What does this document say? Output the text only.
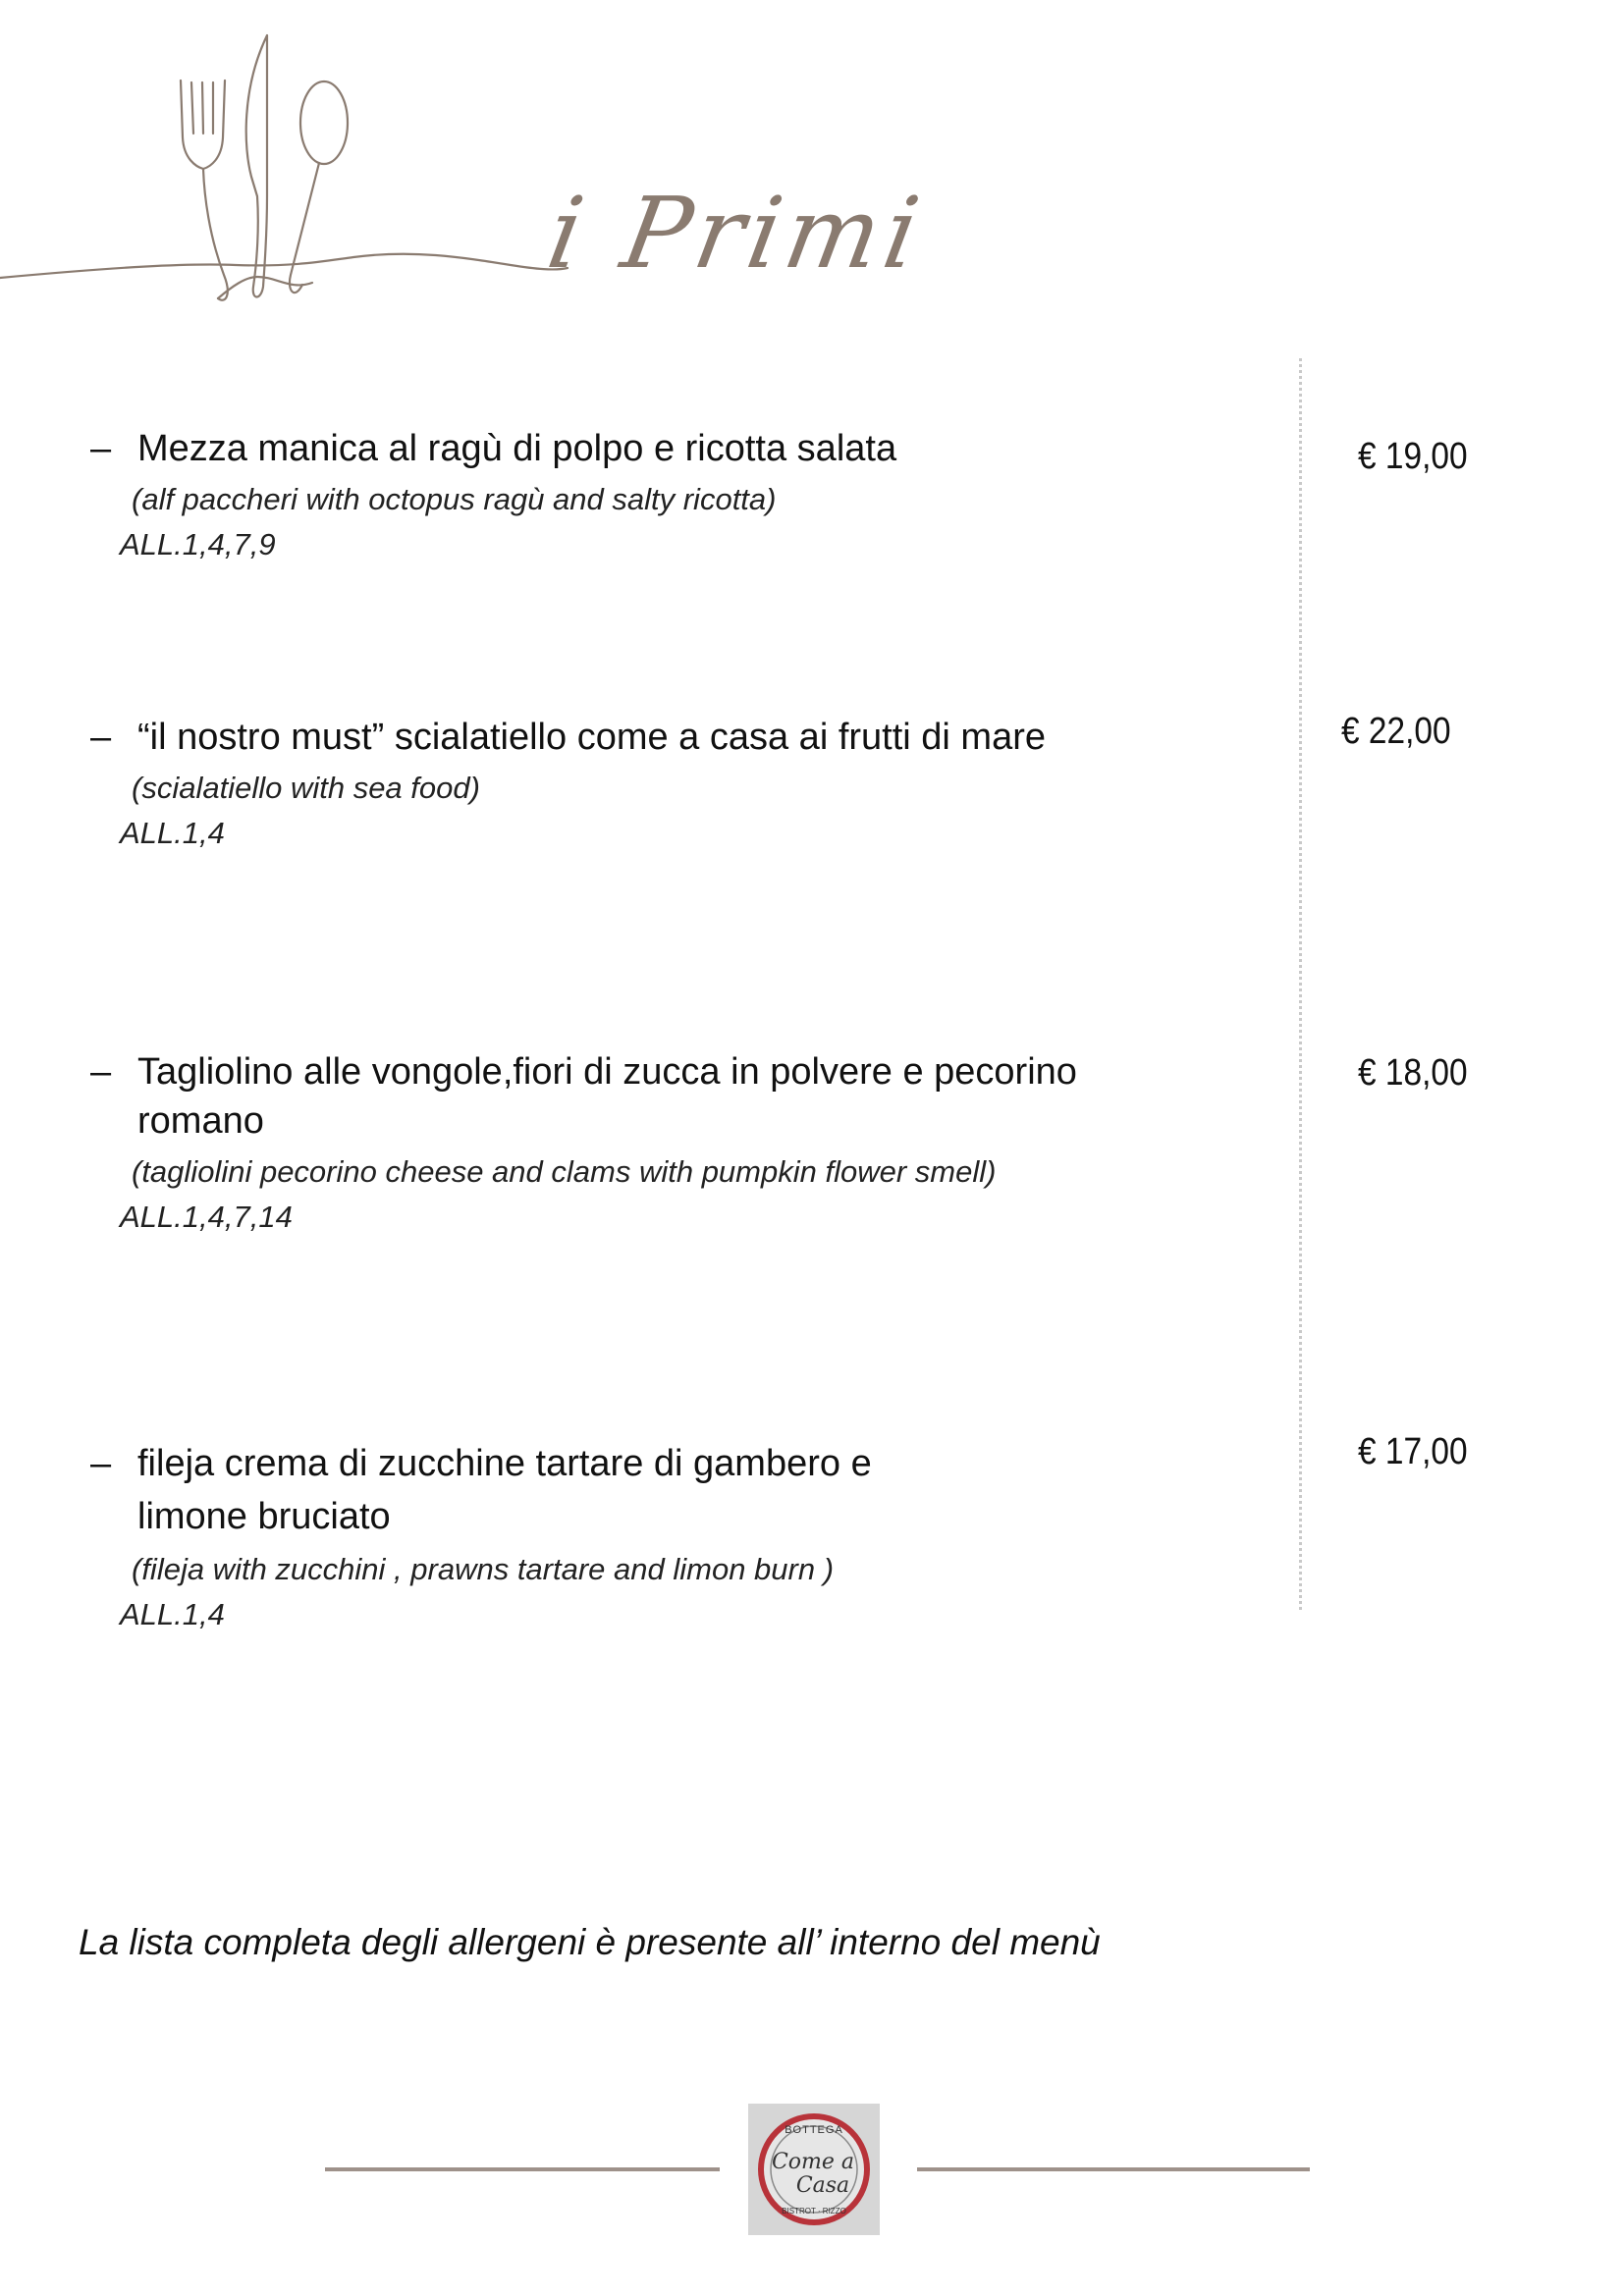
i Primi
– Mezza manica al ragù di polpo e ricotta salata
(alf paccheri with octopus ragù and salty ricotta)
ALL.1,4,7,9
€ 19,00
– “il nostro must” scialatiello come a casa ai frutti di mare
(scialatiello with sea food)
ALL.1,4
€ 22,00
– Tagliolino alle vongole,fiori di zucca in polvere e pecorino
romano
(tagliolini pecorino cheese and clams with pumpkin flower smell)
ALL.1,4,7,14
€ 18,00
– fileja crema di zucchine tartare di gambero e
limone bruciato
(fileja with zucchini , prawns tartare and limon burn )
ALL.1,4
€ 17,00
La lista completa degli allergeni è presente all’ interno del menù
BOTTEGA
Come a
Casa
BISTROT · RIZZO
